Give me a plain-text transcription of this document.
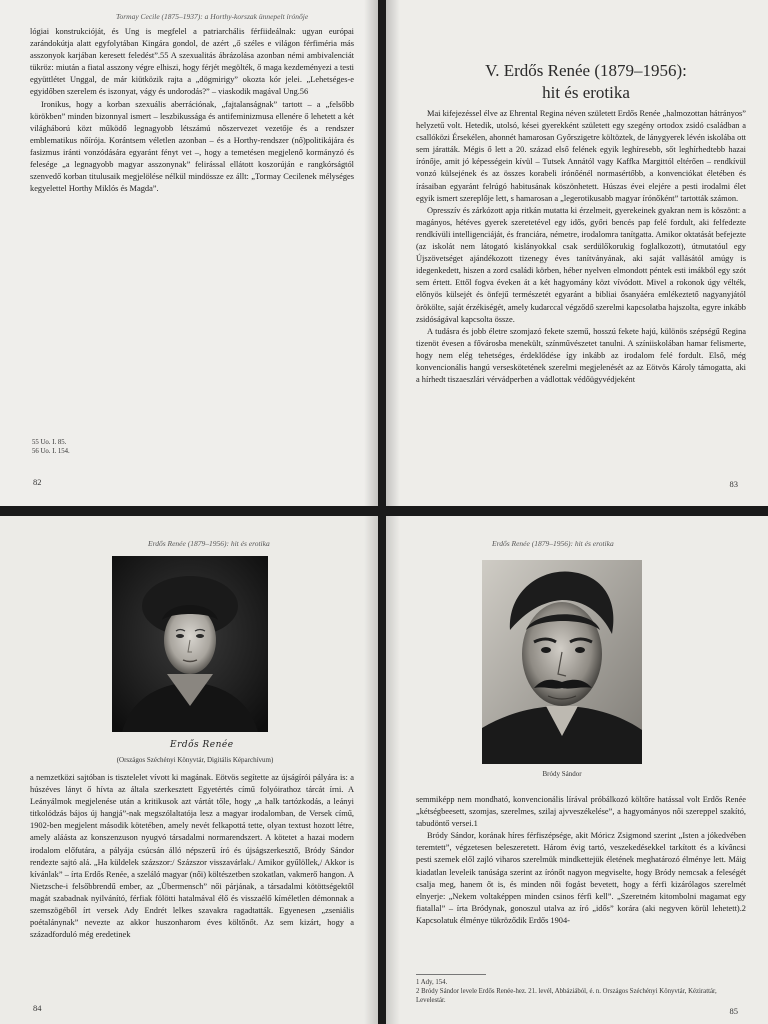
Tormay Cecile (1875–1937): a Horthy-korszak ünnepelt írónője

lógiai konstrukcióját, és Ung is megfelel a patriarchális férfiideálnak: ugyan európai zarándokútja alatt egyfolytában Kingára gondol, de azért „ő széles e világon férfiméria más asszonyok karjában keresett feledést”.55 A szexualitás ábrázolása azonban némi ambivalenciát tükröz: miután a fiatal asszony végre elhiszi, hogy férjét megölték, ő maga kezdeményezi a testi együttlétet Unggal, de már kiütközik rajta a „dögmirigy” okozta kór jelei. „Lehetséges-e egyidőben szerelem és iszonyat, vágy és undorodás?” – viaskodik magával Ung.56

Ironikus, hogy a korban szexuális aberrációnak, „fajtalanságnak” tartott – a „felsőbb körökben” minden bizonnyal ismert – leszbikussága és antifeminizmusa ellenére ő lehetett a két világháború közt működő legnagyobb létszámú nőszervezet vezetője és a rendszer emblematikus nőírója. Korántsem véletlen azonban – és a Horthy-rendszer (nő)politikájára és fasizmus iránti vonzódására egyaránt fényt vet –, hogy a temetésen megjelenő kormányzó és felesége „a legnagyobb magyar asszonynak” felirással ellátott koszorúján e rangkórságtól szenvedő korban titulusaik megjelölése nélkül mindössze ez állt: „Tormay Cecilenek mélységes kegyelettel Horthy Miklós és Magda”.

55 Uo. I. 85.
56 Uo. I. 154.
82
V. Erdős Renée (1879–1956):
hit és erotika

Mai kifejezéssel élve az Ehrental Regina néven született Erdős Renée „halmozottan hátrányos” helyzetű volt. Hetedik, utolsó, kései gyerekként született egy szegény ortodox zsidó családban a csallóközi Érsekélen, ahonnét hamarosan Győrszigetre költöztek, de lánygyerek lévén iskolába ott sem járatták. Mégis ő lett a 20. század első felének egyik leghíresebb, sőt leghírhedtebb hazai írónője, amit jó képességein kívül – Tutsek Annától vagy Kaffka Margittól eltérően – rendkívül vonzó külsejének és az összes korabeli írónőénél normasértőbb, a konvenciókat életében és írásaiban egyaránt felrúgó habitusának köszönhetett. Húszas évei elejére a pesti irodalmi élet egyik ismert szereplője lett, s hamarosan a „legerotikusabb magyar írónőként” tartották számon.

Opresszív és zárkózott apja ritkán mutatta ki érzelmeit, gyerekeinek gyakran nem is köszönt: a magányos, hétéves gyerek szeretetével egy idős, győri bencés pap felé fordult, aki felfedezte rendkívüli intelligenciáját, és franciára, németre, irodalomra tanítgatta. Amikor oktatását befejezte (az iskolát nem látogató kislányokkal csak serdülőkorukig foglalkozott), útmutatóul egy Újszövetséget ajándékozott tizenegy éves tanítványának, aki saját vallásától amúgy is idegenkedett, hiszen a zord családi körben, héber nyelven elmondott péntek esti imákból egy szót sem értett. Ettől fogva éveken át a két hagyomány közt vívódott. Mivel a rokonok úgy vélték, előnyös külsejét és önfejű természetét egyaránt a bibliai ősanyáéra emlékeztető nagyanyjától örökölte, saját érzékiségét, amely kudarccal végződő szerelmi kapcsolatba hajszolta, egyre inkább zsidóságával kapcsolta össze.

A tudásra és jobb életre szomjazó fekete szemű, hosszú fekete hajú, különös szépségű Regina tizenöt évesen a fővárosba menekült, színművészetet tanulni. A színiiskolában hamar felismerte, hogy nem elég tehetséges, érdeklődése így inkább az irodalom felé fordult. Első, még konvencionális hangú verseskötetének szerelmi megjelenését az az Eötvös Károly támogatta, aki a hírhedt tiszaeszlári vérvádperben a vádlottak védőügyvédjeként

83
Erdős Renée (1879–1956): hit és erotika
Erdős Renée
(Országos Széchényi Könyvtár, Digitális Képarchívum)

a nemzetközi sajtóban is tisztelelet vívott ki magának. Eötvös segítette az újságírói pályára is: a húszéves lányt ő hívta az általa szerkesztett Egyetértés című folyóirathoz tárcát írni. A Leányálmok megjelenése után a kritikusok azt vártát tőle, hogy „a halk tartózkodás, a leányi titkolódzás bájos új hangjá”-nak megszólaltatója lesz a magyar irodalomban, de Versek című, 1902-ben megjelent második kötetében, amely nevét felkapottá tette, olyan textust hozott létre, amely aláásta az konszenzuson nyugvó társadalmi normarendszert. A kötetet a hazai modern irodalom előfutára, a pályája csúcsán álló népszerű író és újságszerkesztő, Bródy Sándor rendezte sajtó alá. „Ha küldelek százszor:/ Százszor visszavárlak./ Amikor gyűlöllek,/ Akkor is kívánlak” – írta Erdős Renée, a szeláló magyar (női) költészetben szokatlan, vakmerő hangon. A Nietzsche-i felsőbbrendű ember, az „Übermensch” női párjának, a társadalmi kötöttségektől magát szabadnak nyilvánító, férfiak fölötti hatalmával élő és visszaélő kíméletlen démonnak a szemszögéből írt versek Ady Endrét lelkes szavakra ragadtatták. Egyenesen „zseniális poétalánynak” nevezte az akkor huszonharom éves költőnőt. Az sem kizárt, hogy a századforduló még eredetinek

84
Erdős Renée (1879–1956): hit és erotika
Bródy Sándor

semmiképp nem mondható, konvencionális lírával próbálkozó költőre hatással volt Erdős Renée „kétségbeesett, szomjas, szerelmes, szilaj ajvveszékelése”, a hagyományos női szereppel szakító, tabudöntő versei.1

Bródy Sándor, korának híres férfiszépsége, akit Móricz Zsigmond szerint „Isten a jókedvében teremtett”, végzetesen beleszeretett. Három évig tartó, veszekedésekkel tarkított és a kívâncsi pesti szemek elől zajló viharos szerelmük mindkettejük életének meghatározó élménye lett. Máig kiadatlan leveleik tanúsága szerint az írónőt nagyon megviselte, hogy Bródy nemcsak a feleségét csalja meg, hanem őt is, és minden női fogást bevetett, hogy a férfi kizárólagos szerelmét elnyerje: „Nekem voltaképpen minden csinos férfi kell”. „Szeretném kitombolni magamat egy fiatallal” – írta Bródynak, gonoszul utalva az író „idős” korára (aki negyven körül lehetett).2 Kapcsolatuk élménye tükröződik Erdős 1904-

1 Ady, 154.
2 Bródy Sándor levele Erdős Renée-hez. 21. levél, Abbáziából, é. n. Országos Széchényi Könyvtár, Kézirattár, Levelestár.
85
